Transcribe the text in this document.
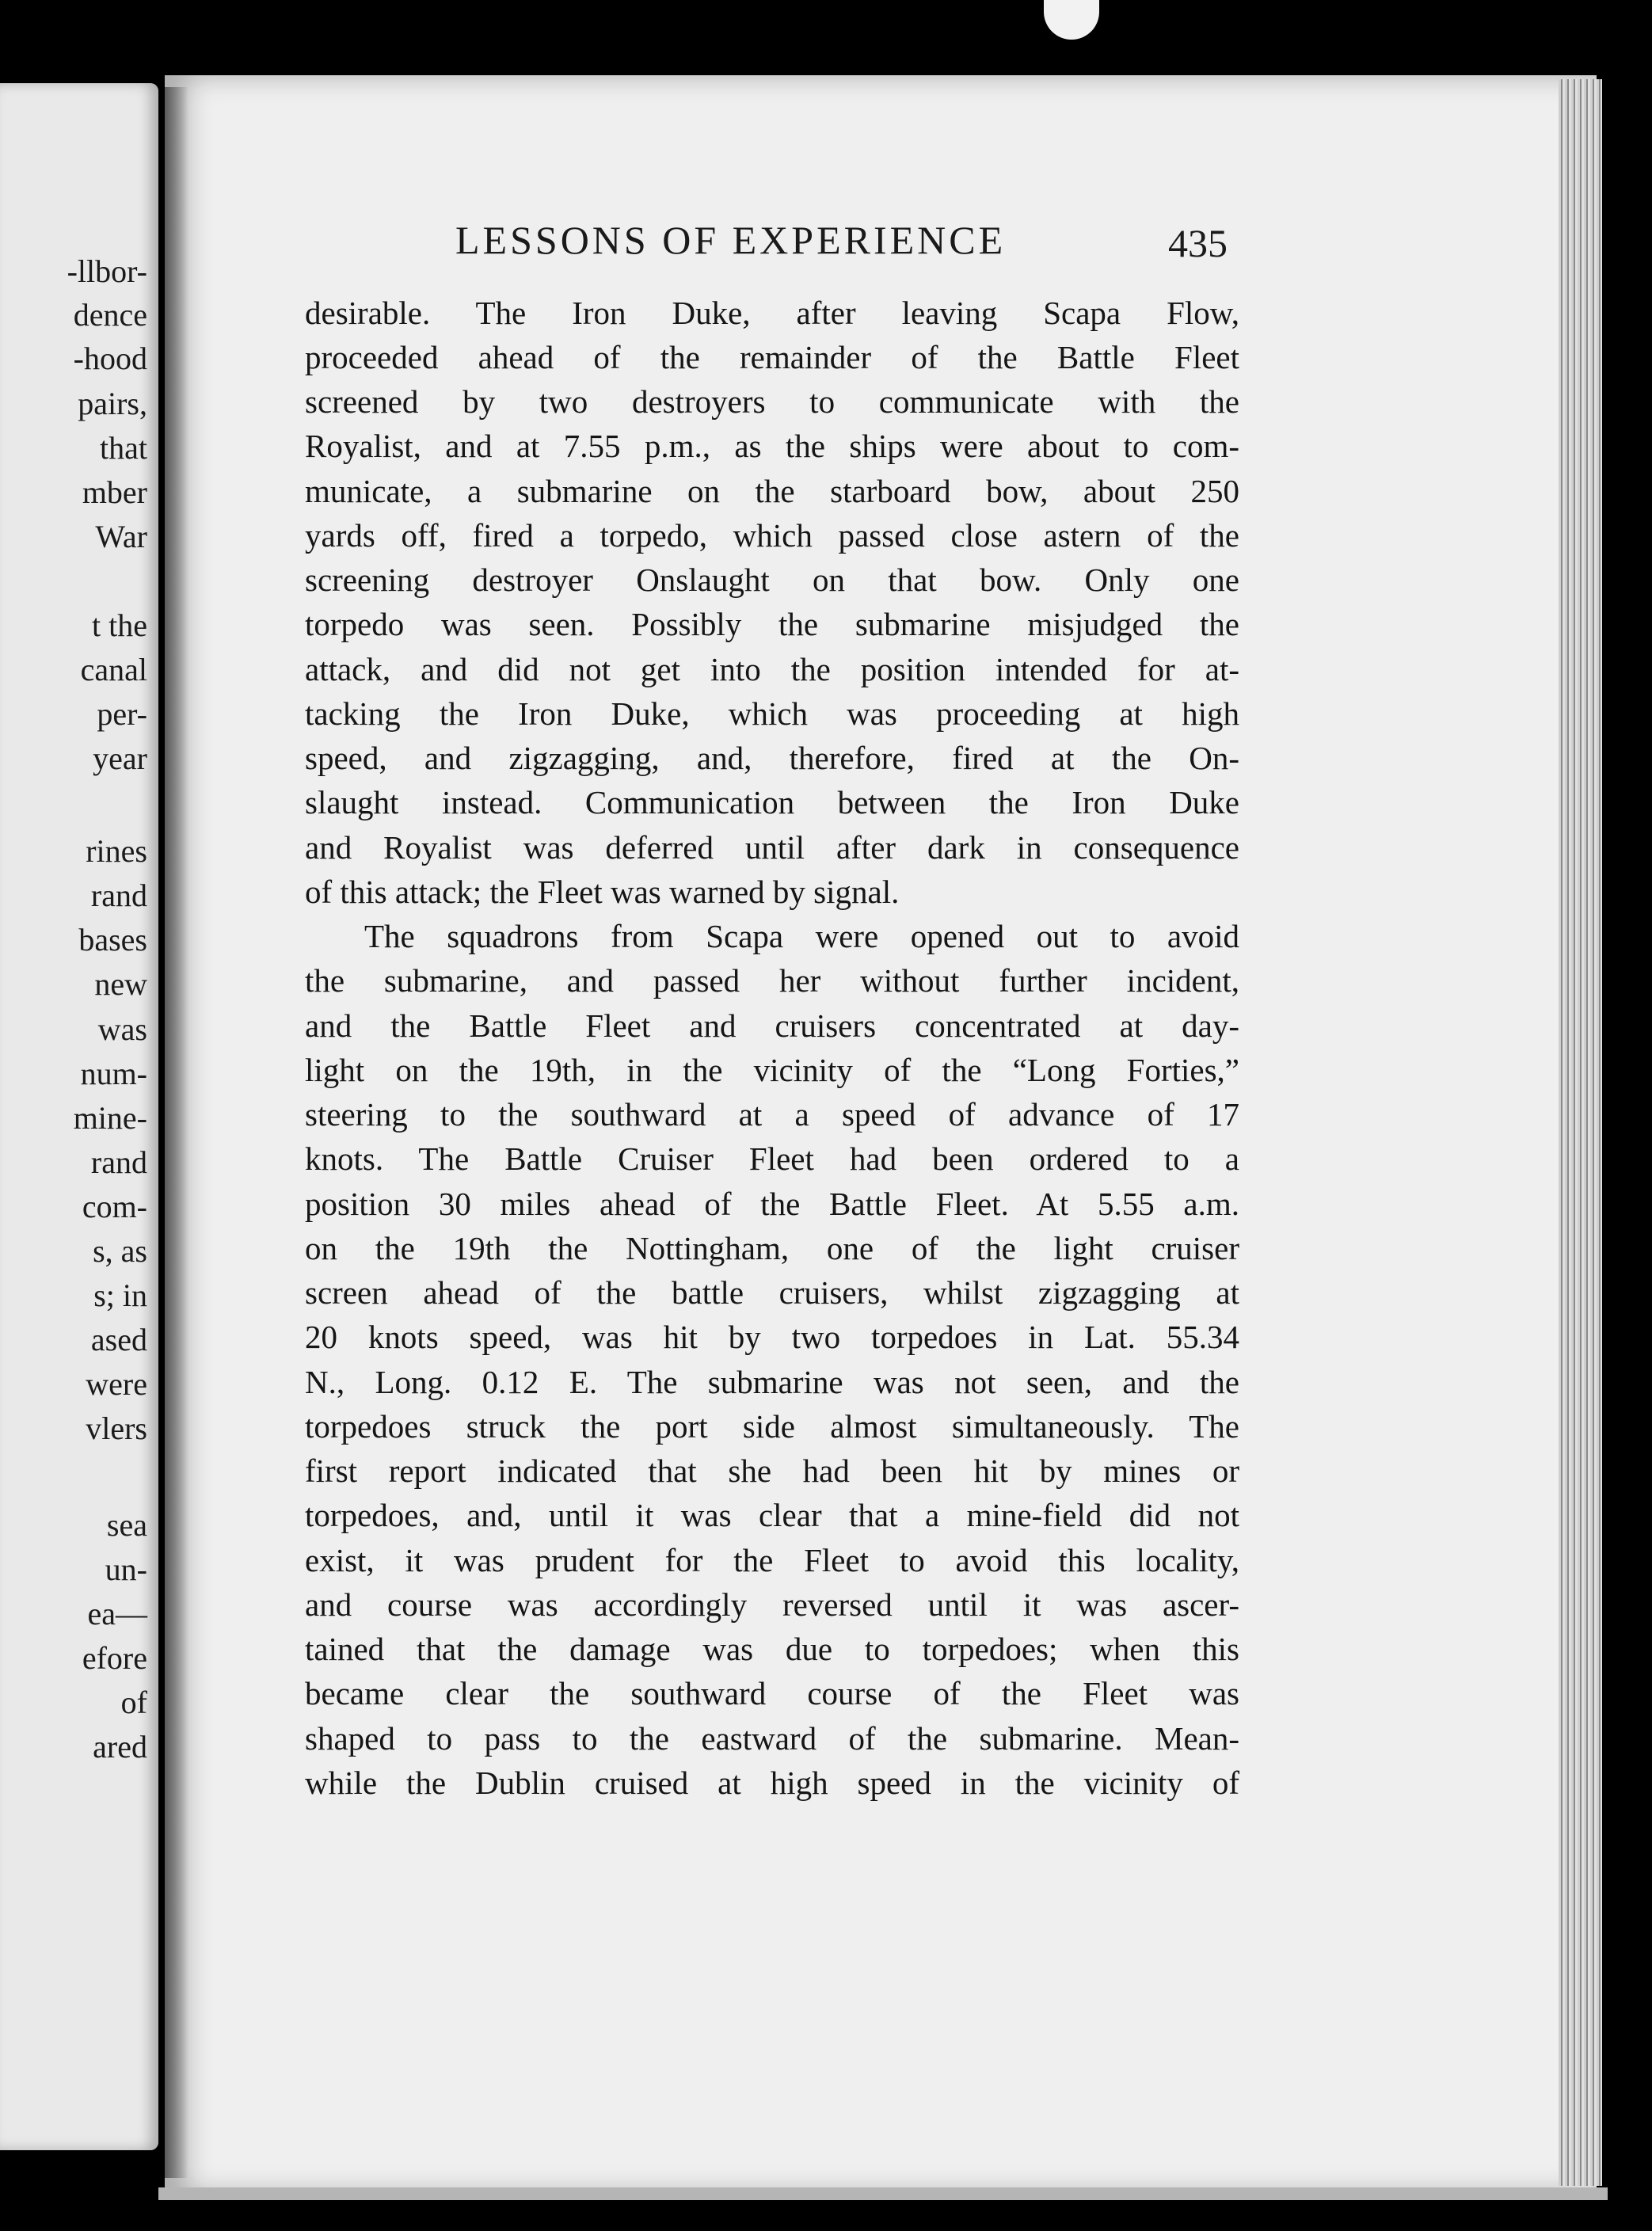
-llbor-
dence
-hood
pairs,
that
mber
War
t the
canal
per-
year
rines
rand
bases
new
was
num-
mine-
rand
com-
s, as
s; in
ased
were
vlers
sea
un-
ea—
efore
of
ared
LESSONS OF EXPERIENCE	435
desirable. The Iron Duke, after leaving Scapa Flow,
proceeded ahead of the remainder of the Battle Fleet
screened by two destroyers to communicate with the
Royalist, and at 7.55 p.m., as the ships were about to com-
municate, a submarine on the starboard bow, about 250
yards off, fired a torpedo, which passed close astern of the
screening destroyer Onslaught on that bow. Only one
torpedo was seen. Possibly the submarine misjudged the
attack, and did not get into the position intended for at-
tacking the Iron Duke, which was proceeding at high
speed, and zigzagging, and, therefore, fired at the On-
slaught instead. Communication between the Iron Duke
and Royalist was deferred until after dark in consequence
of this attack; the Fleet was warned by signal.
The squadrons from Scapa were opened out to avoid
the submarine, and passed her without further incident,
and the Battle Fleet and cruisers concentrated at day-
light on the 19th, in the vicinity of the “Long Forties,”
steering to the southward at a speed of advance of 17
knots. The Battle Cruiser Fleet had been ordered to a
position 30 miles ahead of the Battle Fleet. At 5.55 a.m.
on the 19th the Nottingham, one of the light cruiser
screen ahead of the battle cruisers, whilst zigzagging at
20 knots speed, was hit by two torpedoes in Lat. 55.34
N., Long. 0.12 E. The submarine was not seen, and the
torpedoes struck the port side almost simultaneously. The
first report indicated that she had been hit by mines or
torpedoes, and, until it was clear that a mine-field did not
exist, it was prudent for the Fleet to avoid this locality,
and course was accordingly reversed until it was ascer-
tained that the damage was due to torpedoes; when this
became clear the southward course of the Fleet was
shaped to pass to the eastward of the submarine. Mean-
while the Dublin cruised at high speed in the vicinity of
